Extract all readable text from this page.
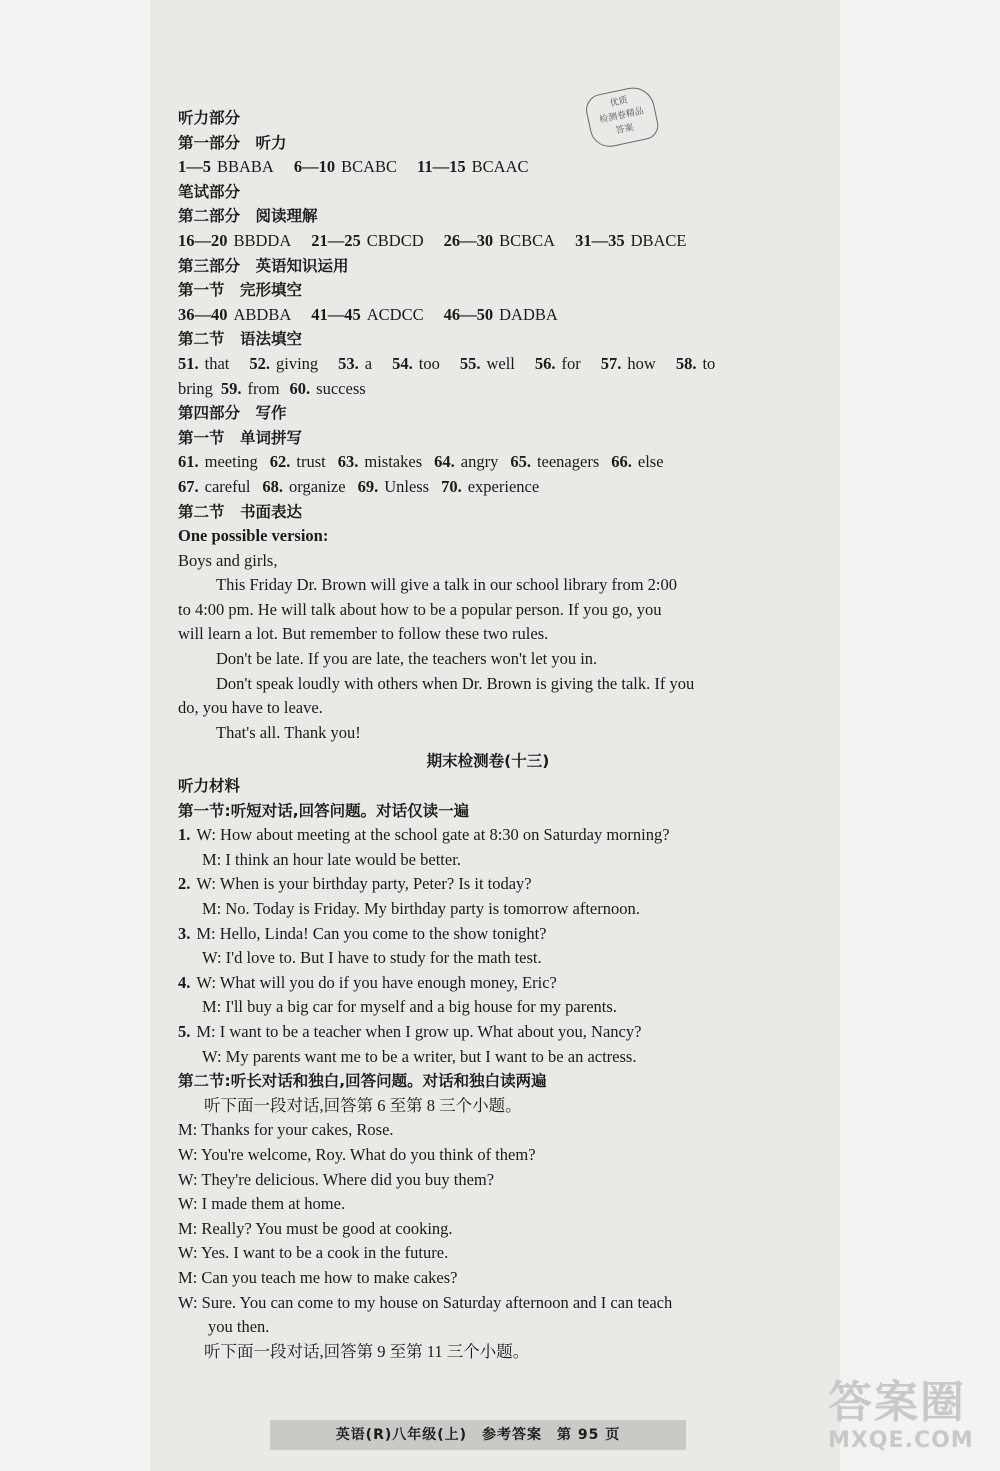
优质
检测卷精品
答案
听力部分
第一部分　听力
1—5 BBABA 6—10 BCABC 11—15 BCAAC
笔试部分
第二部分　阅读理解
16—20 BBDDA 21—25 CBDCD 26—30 BCBCA 31—35 DBACE
第三部分　英语知识运用
第一节　完形填空
36—40 ABDBA 41—45 ACDCC 46—50 DADBA
第二节　语法填空
51. that 52. giving 53. a 54. too 55. well 56. for 57. how 58. to
bring 59. from 60. success
第四部分　写作
第一节　单词拼写
61. meeting 62. trust 63. mistakes 64. angry 65. teenagers 66. else
67. careful 68. organize 69. Unless 70. experience
第二节　书面表达
One possible version:
Boys and girls,
This Friday Dr. Brown will give a talk in our school library from 2:00
to 4:00 pm. He will talk about how to be a popular person. If you go, you
will learn a lot. But remember to follow these two rules.
Don't be late. If you are late, the teachers won't let you in.
Don't speak loudly with others when Dr. Brown is giving the talk. If you
do, you have to leave.
That's all. Thank you!
期末检测卷(十三)
听力材料
第一节:听短对话,回答问题。对话仅读一遍
1. W: How about meeting at the school gate at 8:30 on Saturday morning?
M: I think an hour late would be better.
2. W: When is your birthday party, Peter? Is it today?
M: No. Today is Friday. My birthday party is tomorrow afternoon.
3. M: Hello, Linda! Can you come to the show tonight?
W: I'd love to. But I have to study for the math test.
4. W: What will you do if you have enough money, Eric?
M: I'll buy a big car for myself and a big house for my parents.
5. M: I want to be a teacher when I grow up. What about you, Nancy?
W: My parents want me to be a writer, but I want to be an actress.
第二节:听长对话和独白,回答问题。对话和独白读两遍
听下面一段对话,回答第 6 至第 8 三个小题。
M: Thanks for your cakes, Rose.
W: You're welcome, Roy. What do you think of them?
W: They're delicious. Where did you buy them?
W: I made them at home.
M: Really? You must be good at cooking.
W: Yes. I want to be a cook in the future.
M: Can you teach me how to make cakes?
W: Sure. You can come to my house on Saturday afternoon and I can teach
you then.
听下面一段对话,回答第 9 至第 11 三个小题。
英语(R)八年级(上)　参考答案　第 95 页
答案圈
MXQE.COM
